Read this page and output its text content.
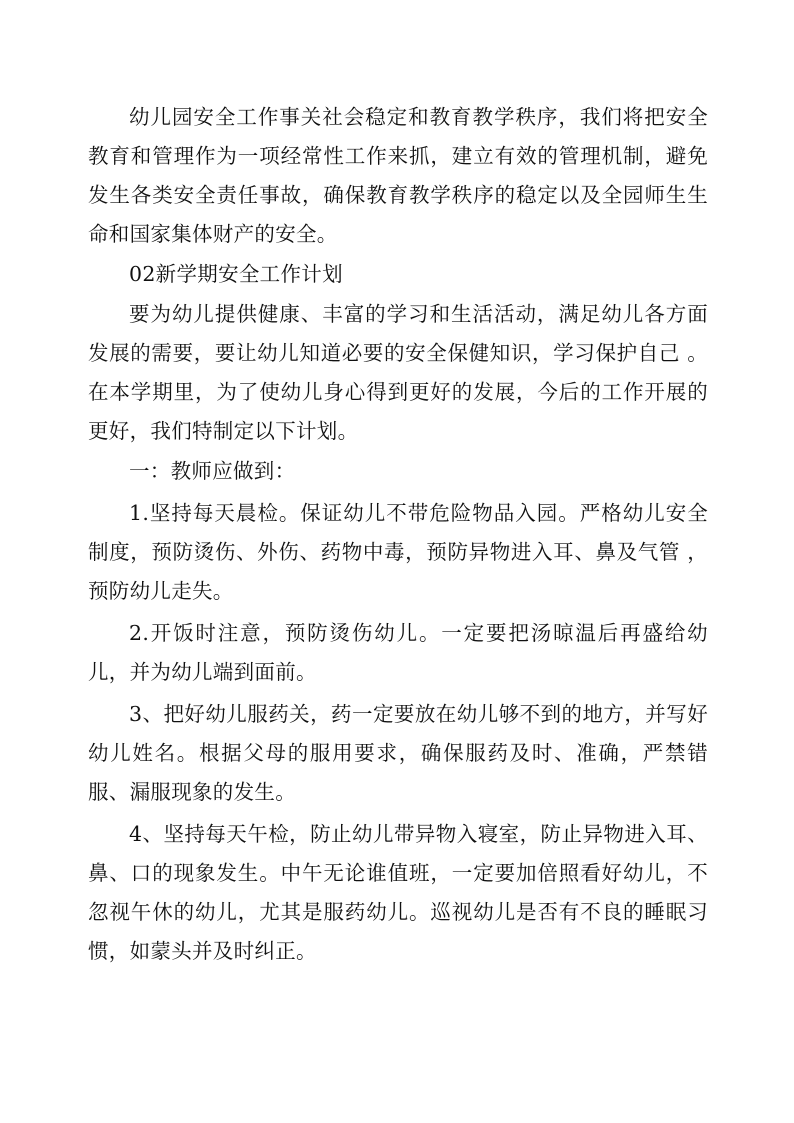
幼儿园安全工作事关社会稳定和教育教学秩序，我们将把安全教育和管理作为一项经常性工作来抓，建立有效的管理机制，避免发生各类安全责任事故，确保教育教学秩序的稳定以及全园师生生命和国家集体财产的安全。

02新学期安全工作计划

要为幼儿提供健康、丰富的学习和生活活动，满足幼儿各方面发展的需要，要让幼儿知道必要的安全保健知识，学习保护自己 。在本学期里，为了使幼儿身心得到更好的发展，今后的工作开展的更好，我们特制定以下计划。

一：教师应做到：

1.坚持每天晨检。保证幼儿不带危险物品入园。严格幼儿安全制度，预防烫伤、外伤、药物中毒，预防异物进入耳、鼻及气管 ，预防幼儿走失。

2.开饭时注意，预防烫伤幼儿。一定要把汤晾温后再盛给幼儿，并为幼儿端到面前。

3、把好幼儿服药关，药一定要放在幼儿够不到的地方，并写好幼儿姓名。根据父母的服用要求，确保服药及时、准确，严禁错服、漏服现象的发生。

4、坚持每天午检，防止幼儿带异物入寝室，防止异物进入耳、鼻、口的现象发生。中午无论谁值班，一定要加倍照看好幼儿，不忽视午休的幼儿，尤其是服药幼儿。巡视幼儿是否有不良的睡眠习惯，如蒙头并及时纠正。
